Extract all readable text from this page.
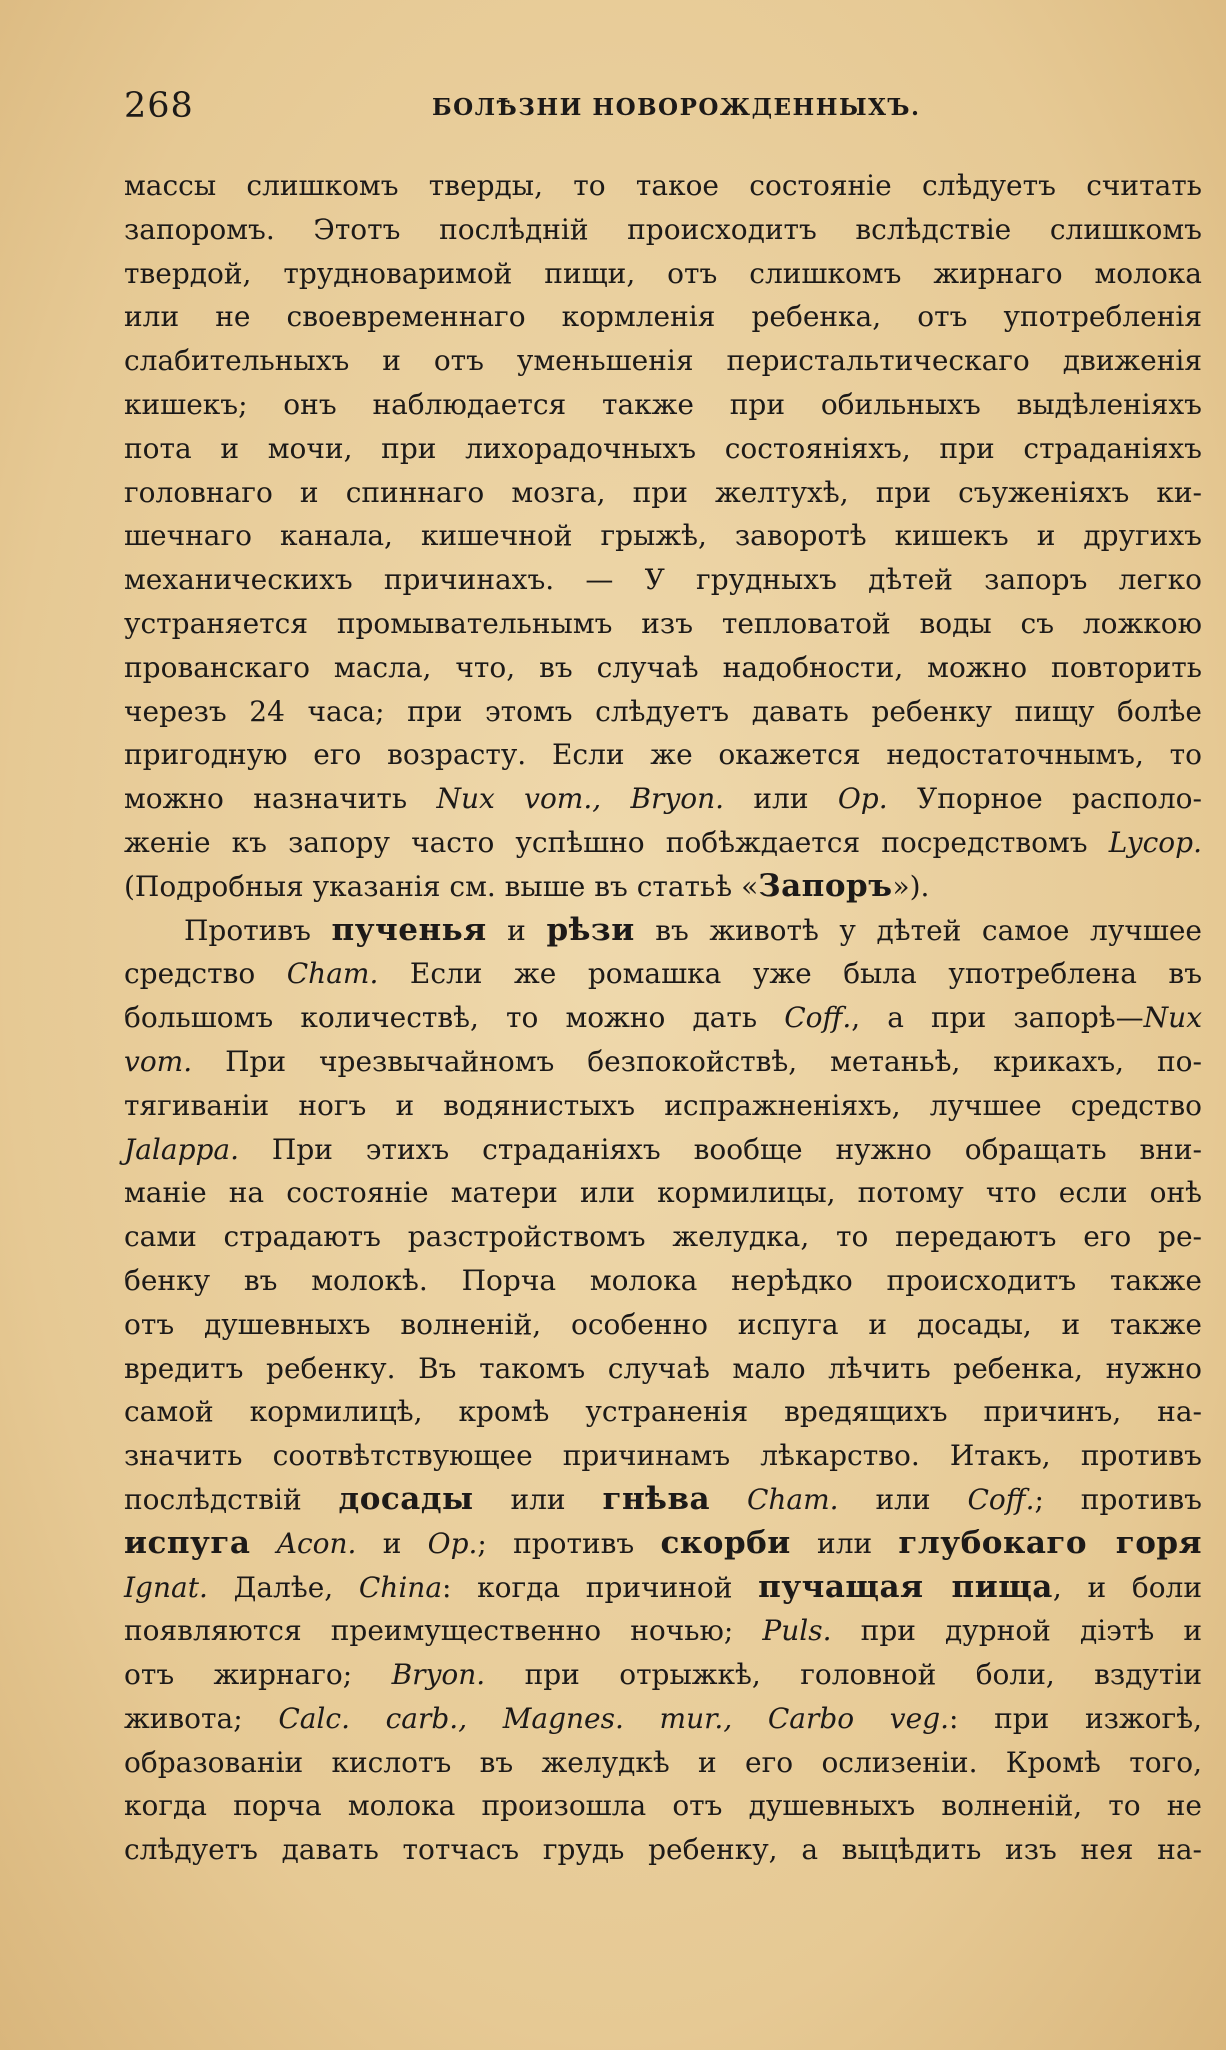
268	БОЛѢЗНИ НОВОРОЖДЕННЫХЪ.
массы слишкомъ тверды, то такое состоянiе слѣдуетъ считать
запоромъ. Этотъ послѣднiй происходитъ вслѣдствiе слишкомъ
твердой, трудноваримой пищи, отъ слишкомъ жирнаго молока
или не своевременнаго кормленiя ребенка, отъ употребленiя
слабительныхъ и отъ уменьшенiя перистальтическаго движенiя
кишекъ; онъ наблюдается также при обильныхъ выдѣленiяхъ
пота и мочи, при лихорадочныхъ состоянiяхъ, при страданiяхъ
головнаго и спиннаго мозга, при желтухѣ, при съуженiяхъ ки-
шечнаго канала, кишечной грыжѣ, заворотѣ кишекъ и другихъ
механическихъ причинахъ. — У грудныхъ дѣтей запоръ легко
устраняется промывательнымъ изъ тепловатой воды съ ложкою
прованскаго масла, что, въ случаѣ надобности, можно повторить
черезъ 24 часа; при этомъ слѣдуетъ давать ребенку пищу болѣе
пригодную его возрасту. Если же окажется недостаточнымъ, то
можно назначить Nux vom., Bryon. или Op. Упорное располо-
женiе къ запору часто успѣшно побѣждается посредствомъ Lycop.
(Подробныя указанiя см. выше въ статьѣ «Запоръ»).
Противъ пученья и рѣзи въ животѣ у дѣтей самое лучшее
средство Cham. Если же ромашка уже была употреблена въ
большомъ количествѣ, то можно дать Coff., а при запорѣ—Nux
vom. При чрезвычайномъ безпокойствѣ, метаньѣ, крикахъ, по-
тягиванiи ногъ и водянистыхъ испражненiяхъ, лучшее средство
Jalappa. При этихъ страданiяхъ вообще нужно обращать вни-
манiе на состоянiе матери или кормилицы, потому что если онѣ
сами страдаютъ разстройствомъ желудка, то передаютъ его ре-
бенку въ молокѣ. Порча молока нерѣдко происходитъ также
отъ душевныхъ волненiй, особенно испуга и досады, и также
вредитъ ребенку. Въ такомъ случаѣ мало лѣчить ребенка, нужно
самой кормилицѣ, кромѣ устраненiя вредящихъ причинъ, на-
значить соотвѣтствующее причинамъ лѣкарство. Итакъ, противъ
послѣдствiй досады или гнѣва Cham. или Coff.; противъ
испуга Acon. и Op.; противъ скорби или глубокаго горя
Ignat. Далѣе, China: когда причиной пучащая пища, и боли
появляются преимущественно ночью; Puls. при дурной дiэтѣ и
отъ жирнаго; Bryon. при отрыжкѣ, головной боли, вздутiи
живота; Calc. carb., Magnes. mur., Carbo veg.: при изжогѣ,
образованiи кислотъ въ желудкѣ и его ослизенiи. Кромѣ того,
когда порча молока произошла отъ душевныхъ волненiй, то не
слѣдуетъ давать тотчасъ грудь ребенку, а выцѣдить изъ нея на-
